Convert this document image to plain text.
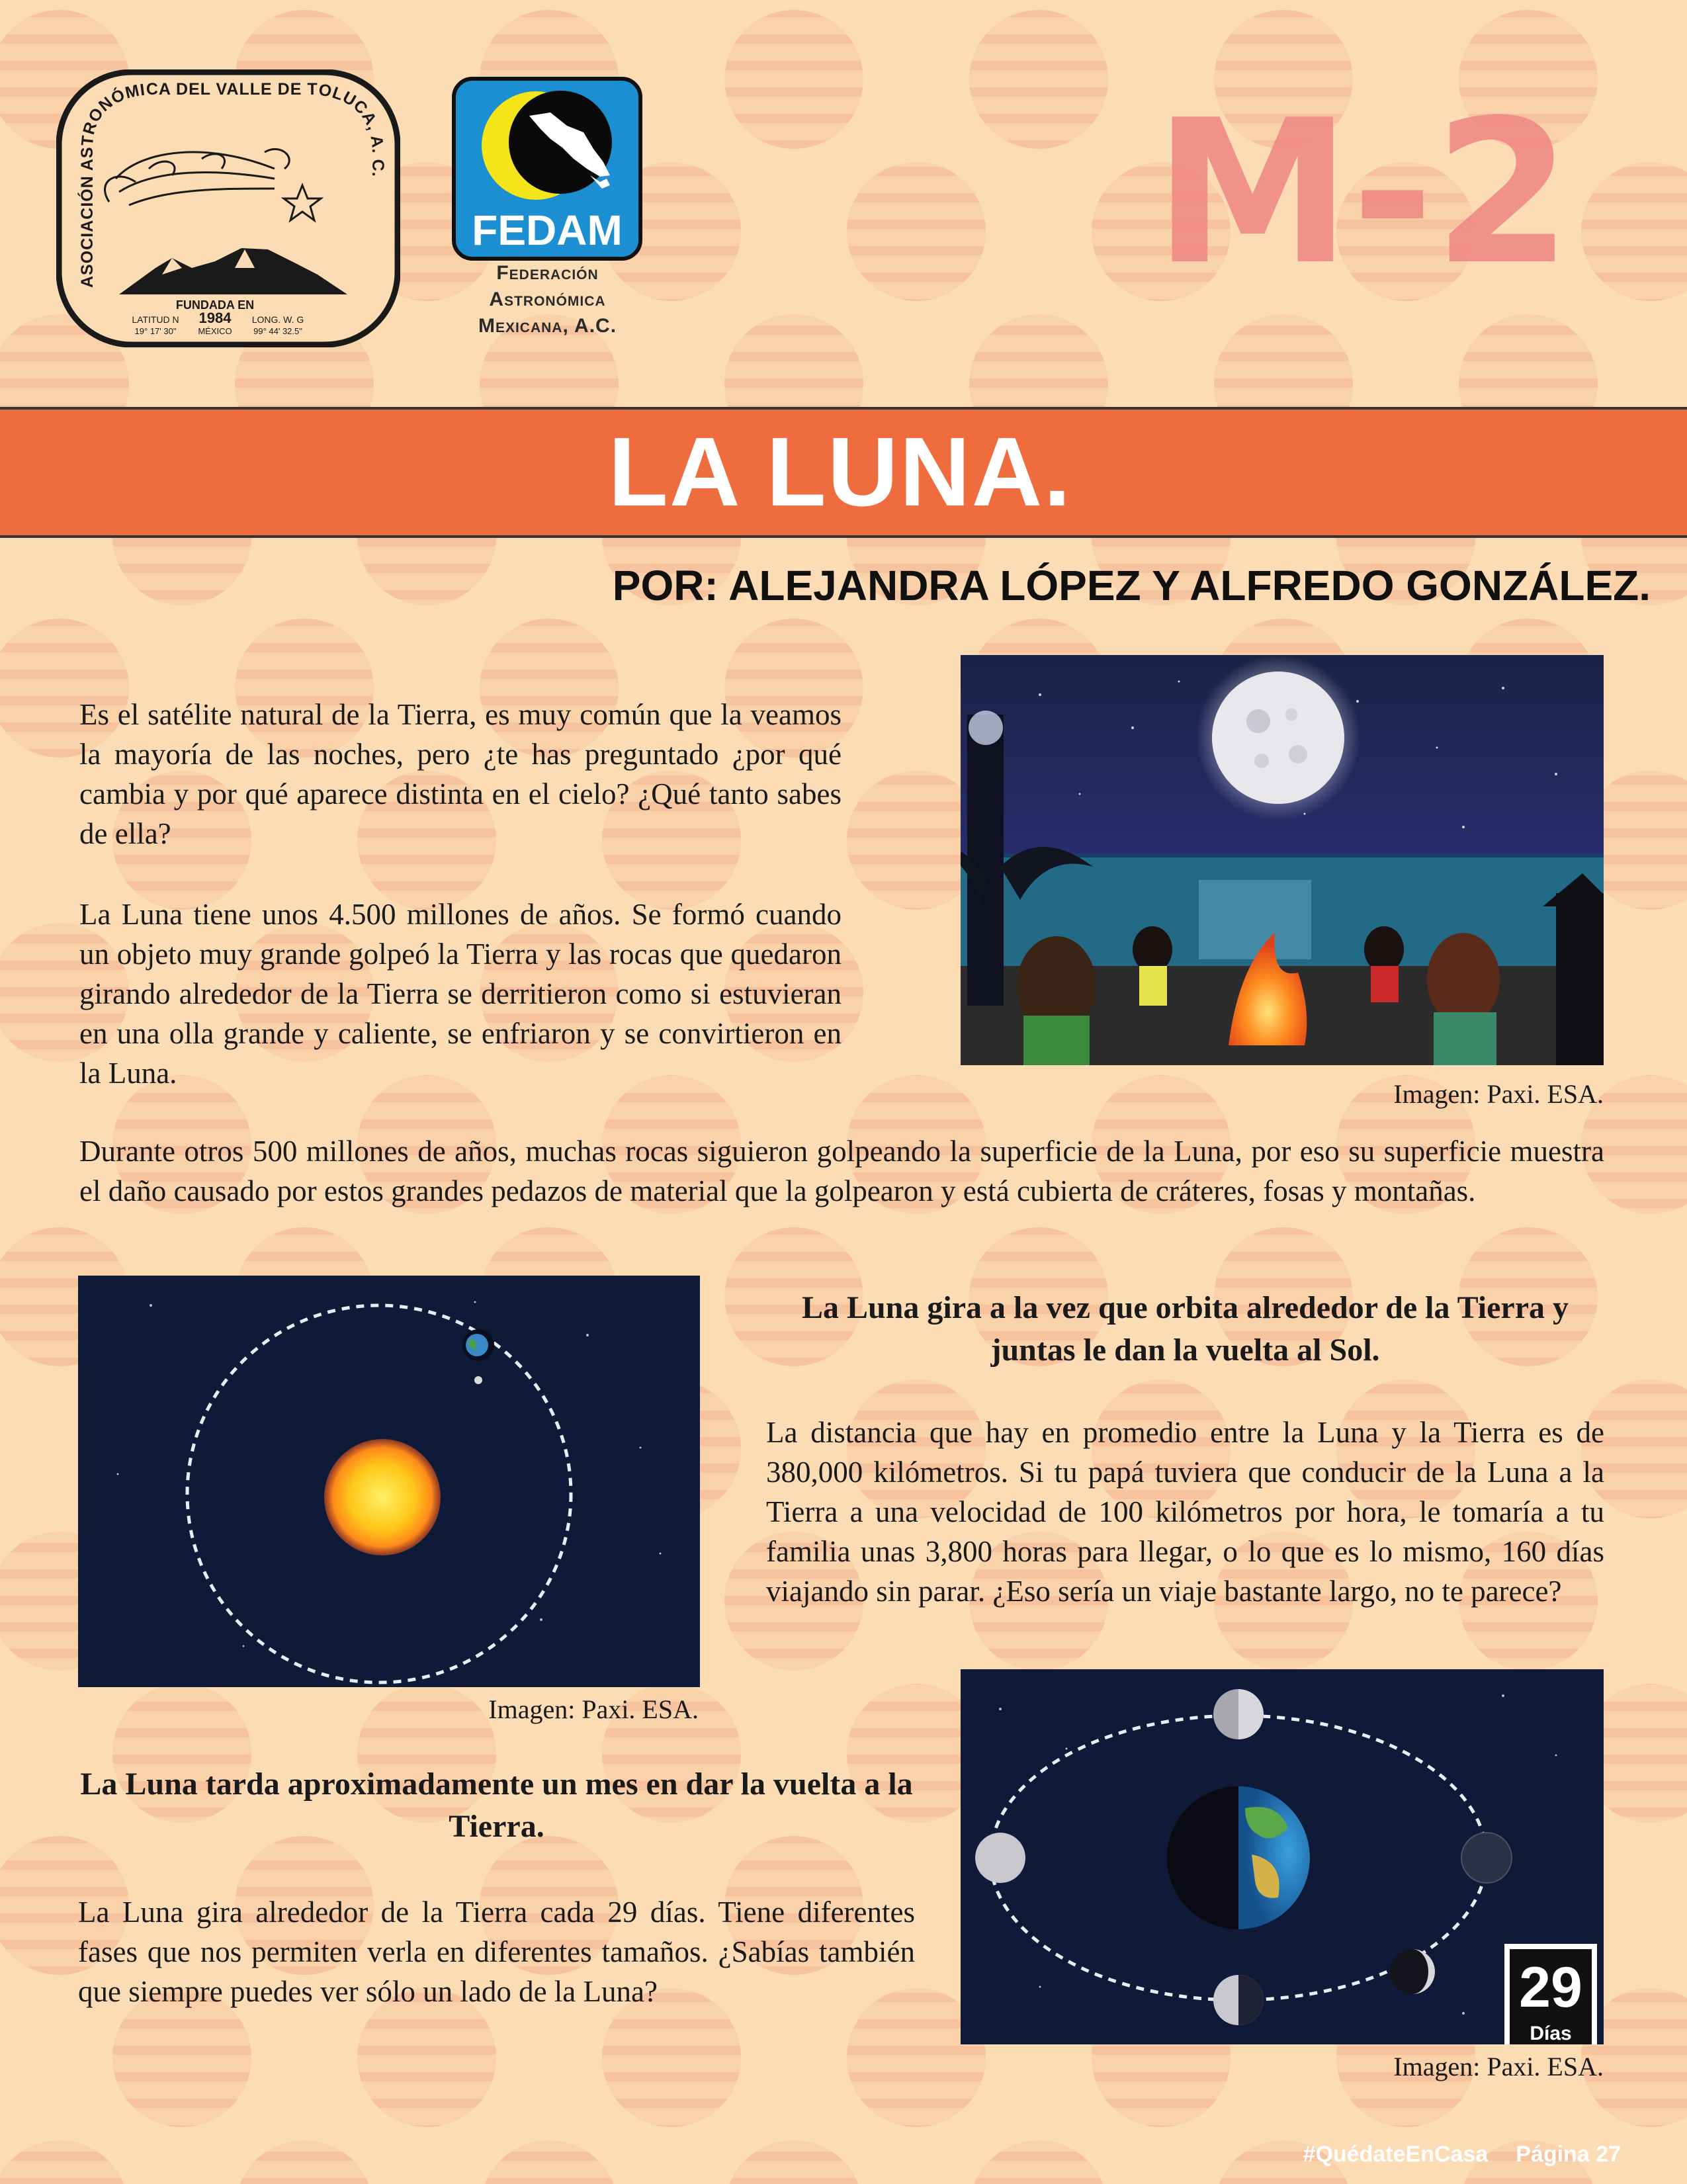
ASOCIACIÓN ASTRONÓMICA DEL VALLE DE TOLUCA, A. C.
FUNDADA EN
1984
MÉXICO
LATITUD N
19° 17' 30"
LONG. W. G
99° 44' 32.5"
FEDAM
Federación
Astronómica
Mexicana, A.C.
M-2
LA LUNA.
POR: ALEJANDRA LÓPEZ Y ALFREDO GONZÁLEZ.
Es el satélite natural de la Tierra, es muy común que la veamos la mayoría de las noches, pero ¿te has preguntado ¿por qué cambia y por qué aparece distinta en el cielo? ¿Qué tanto sabes de ella?
La Luna tiene unos 4.500 millones de años. Se formó cuando un objeto muy grande golpeó la Tierra y las rocas que quedaron girando alrededor de la Tierra se derritieron como si estuvieran en una olla grande y caliente, se enfriaron y se convirtieron en la Luna.
Durante otros 500 millones de años, muchas rocas siguieron golpeando la superficie de la Luna, por eso su superficie muestra el daño causado por estos grandes pedazos de material que la golpearon y está cubierta de cráteres, fosas y montañas.
La Luna gira a la vez que orbita alrededor de la Tierra y juntas le dan la vuelta al Sol.
La distancia que hay en promedio entre la Luna y la Tierra es de 380,000 kilómetros. Si tu papá tuviera que conducir de la Luna a la Tierra a una velocidad de 100 kilómetros por hora, le tomaría a tu familia unas 3,800 horas para llegar, o lo que es lo mismo, 160 días viajando sin parar. ¿Eso sería un viaje bastante largo, no te parece?
La Luna tarda aproximadamente un mes en dar la vuelta a la Tierra.
La Luna gira alrededor de la Tierra cada 29 días. Tiene diferentes fases que nos permiten verla en diferentes tamaños. ¿Sabías también que siempre puedes ver sólo un lado de la Luna?
Imagen: Paxi. ESA.
Imagen: Paxi. ESA.
29
Días
Imagen: Paxi. ESA.
#QuédateEnCasa Página 27
